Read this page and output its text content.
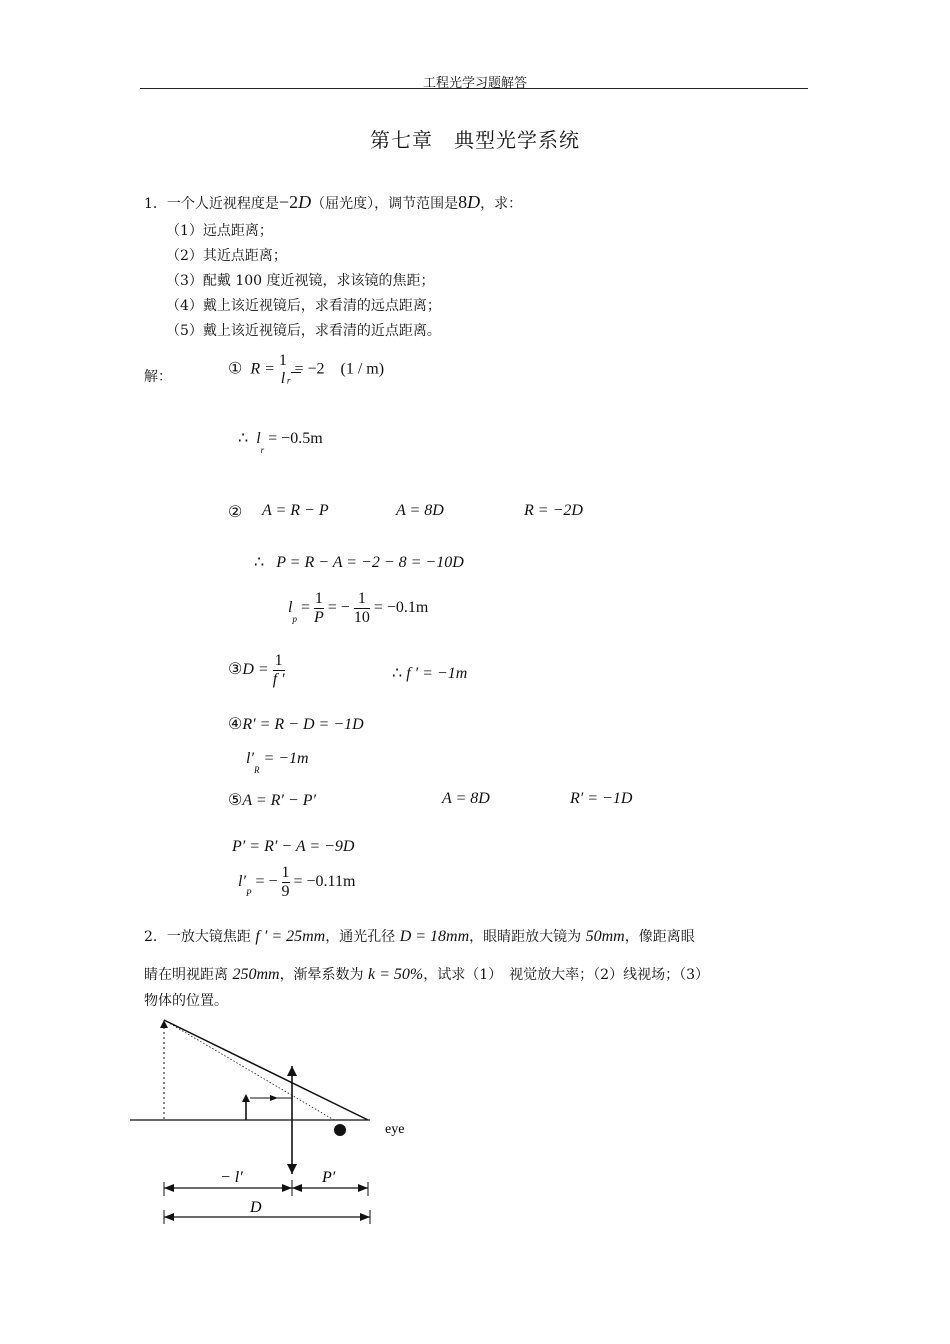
工程光学习题解答
第七章　典型光学系统
1．一个人近视程度是−2D（屈光度），调节范围是8D，求：
（1）远点距离；
（2）其近点距离；
（3）配戴 100 度近视镜，求该镜的焦距；
（4）戴上该近视镜后，求看清的远点距离；
（5）戴上该近视镜后，求看清的近点距离。
解：	① R =
1
l $_r$ = −2　(1 / m)
∴ $l_r = -0.5m$
② A = R − P	A = 8D	R = −2D
∴ P = R − A = −2 − 8 = −10D
$l_p = \frac{1}{P}$ = − $\frac{1}{10} = -0.1m$
③D = $\frac{1}{f '}$	∴ f ′ = −1m
④R′ = R − D = −1D
$l'_R = -1m$
⑤A = R′ − P′	A = 8D	R′ = −1D
P′ = R′ − A = −9D
$l'_P$ = − $\frac{1}{9} = -0.11m$
2．一放大镜焦距 f ′ = 25mm，通光孔径 D = 18mm，眼睛距放大镜为 50mm，像距离眼
睛在明视距离 250mm，渐晕系数为 k = 50%，试求（1）　视觉放大率；（2）线视场；（3）
物体的位置。
eye
− l′	P′
D
